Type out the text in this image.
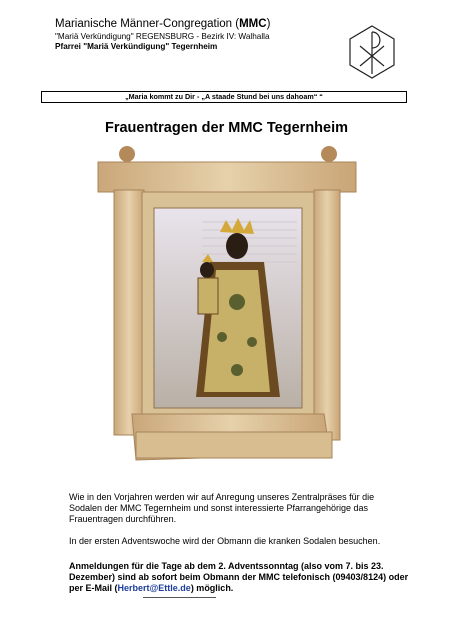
Marianische Männer-Congregation (MMC)
"Mariä Verkündigung" REGENSBURG - Bezirk IV: Walhalla
Pfarrei "Mariä Verkündigung" Tegernheim
„Maria kommt zu Dir - „A staade Stund bei uns dahoam“ “
Frauentragen der MMC Tegernheim
Wie in den Vorjahren werden wir auf Anregung unseres Zentralpräses für die Sodalen der MMC Tegernheim und sonst interessierte Pfarrangehörige das Frauentragen durchführen.
In der ersten Adventswoche wird der Obmann die kranken Sodalen besuchen.
Anmeldungen für die Tage ab dem 2. Adventssonntag (also vom 7. bis 23. Dezember) sind ab sofort beim Obmann der MMC telefonisch (09403/8124) oder per E-Mail (Herbert@Ettle.de) möglich.
